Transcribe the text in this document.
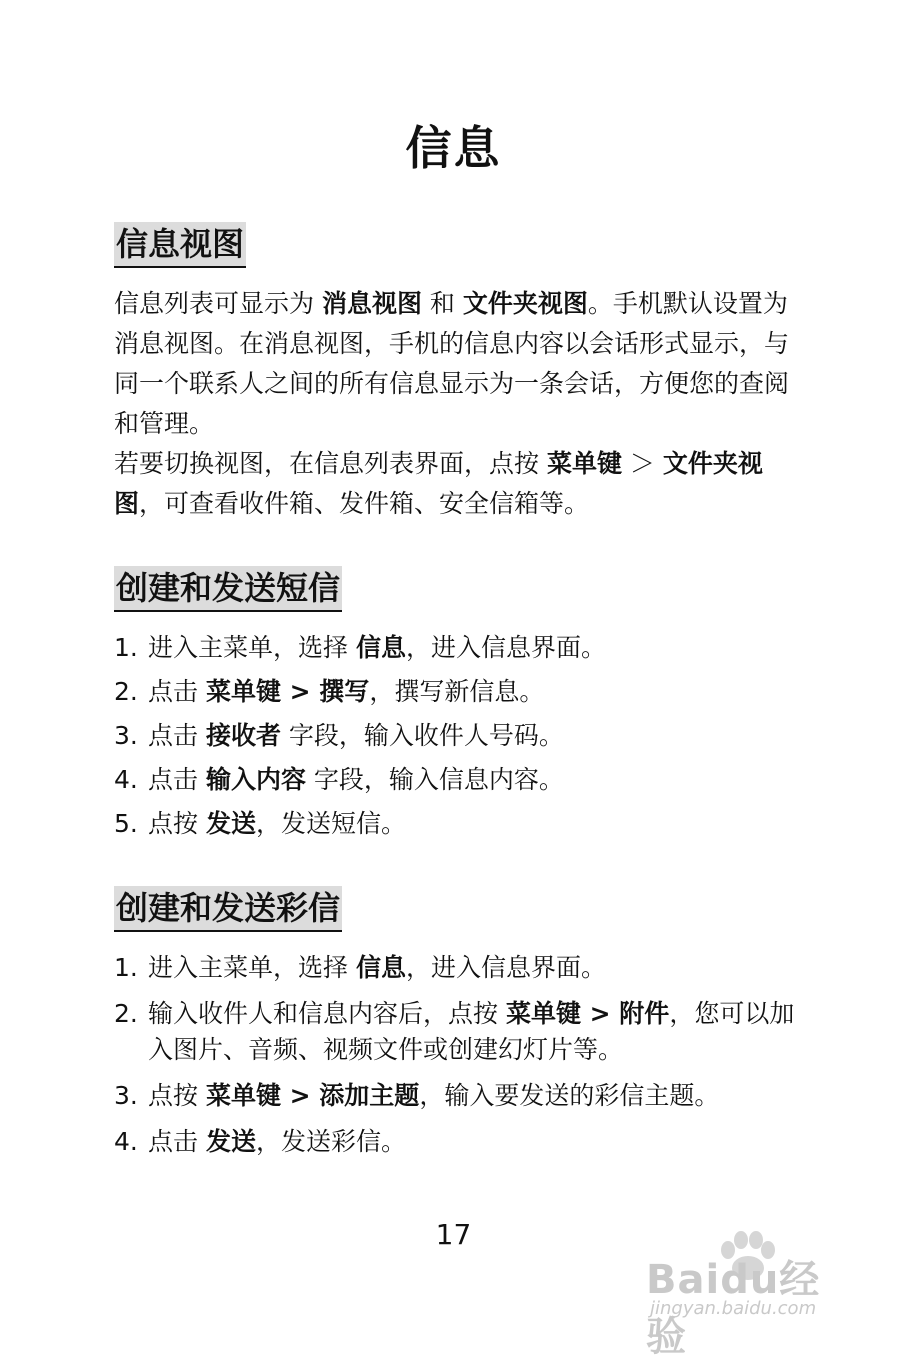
信息
信息视图
信息列表可显示为 消息视图 和 文件夹视图。手机默认设置为消息视图。在消息视图，手机的信息内容以会话形式显示，与同一个联系人之间的所有信息显示为一条会话，方便您的查阅和管理。
若要切换视图，在信息列表界面，点按 菜单键 ＞ 文件夹视图，可查看收件箱、发件箱、安全信箱等。
创建和发送短信
1. 进入主菜单，选择 信息，进入信息界面。
2. 点击 菜单键 > 撰写，撰写新信息。
3. 点击 接收者 字段，输入收件人号码。
4. 点击 输入内容 字段，输入信息内容。
5. 点按 发送，发送短信。
创建和发送彩信
1. 进入主菜单，选择 信息，进入信息界面。
2. 输入收件人和信息内容后，点按 菜单键 > 附件，您可以加入图片、音频、视频文件或创建幻灯片等。
3. 点按 菜单键 > 添加主题，输入要发送的彩信主题。
4. 点击 发送，发送彩信。
17
Baidu经验
jingyan.baidu.com
